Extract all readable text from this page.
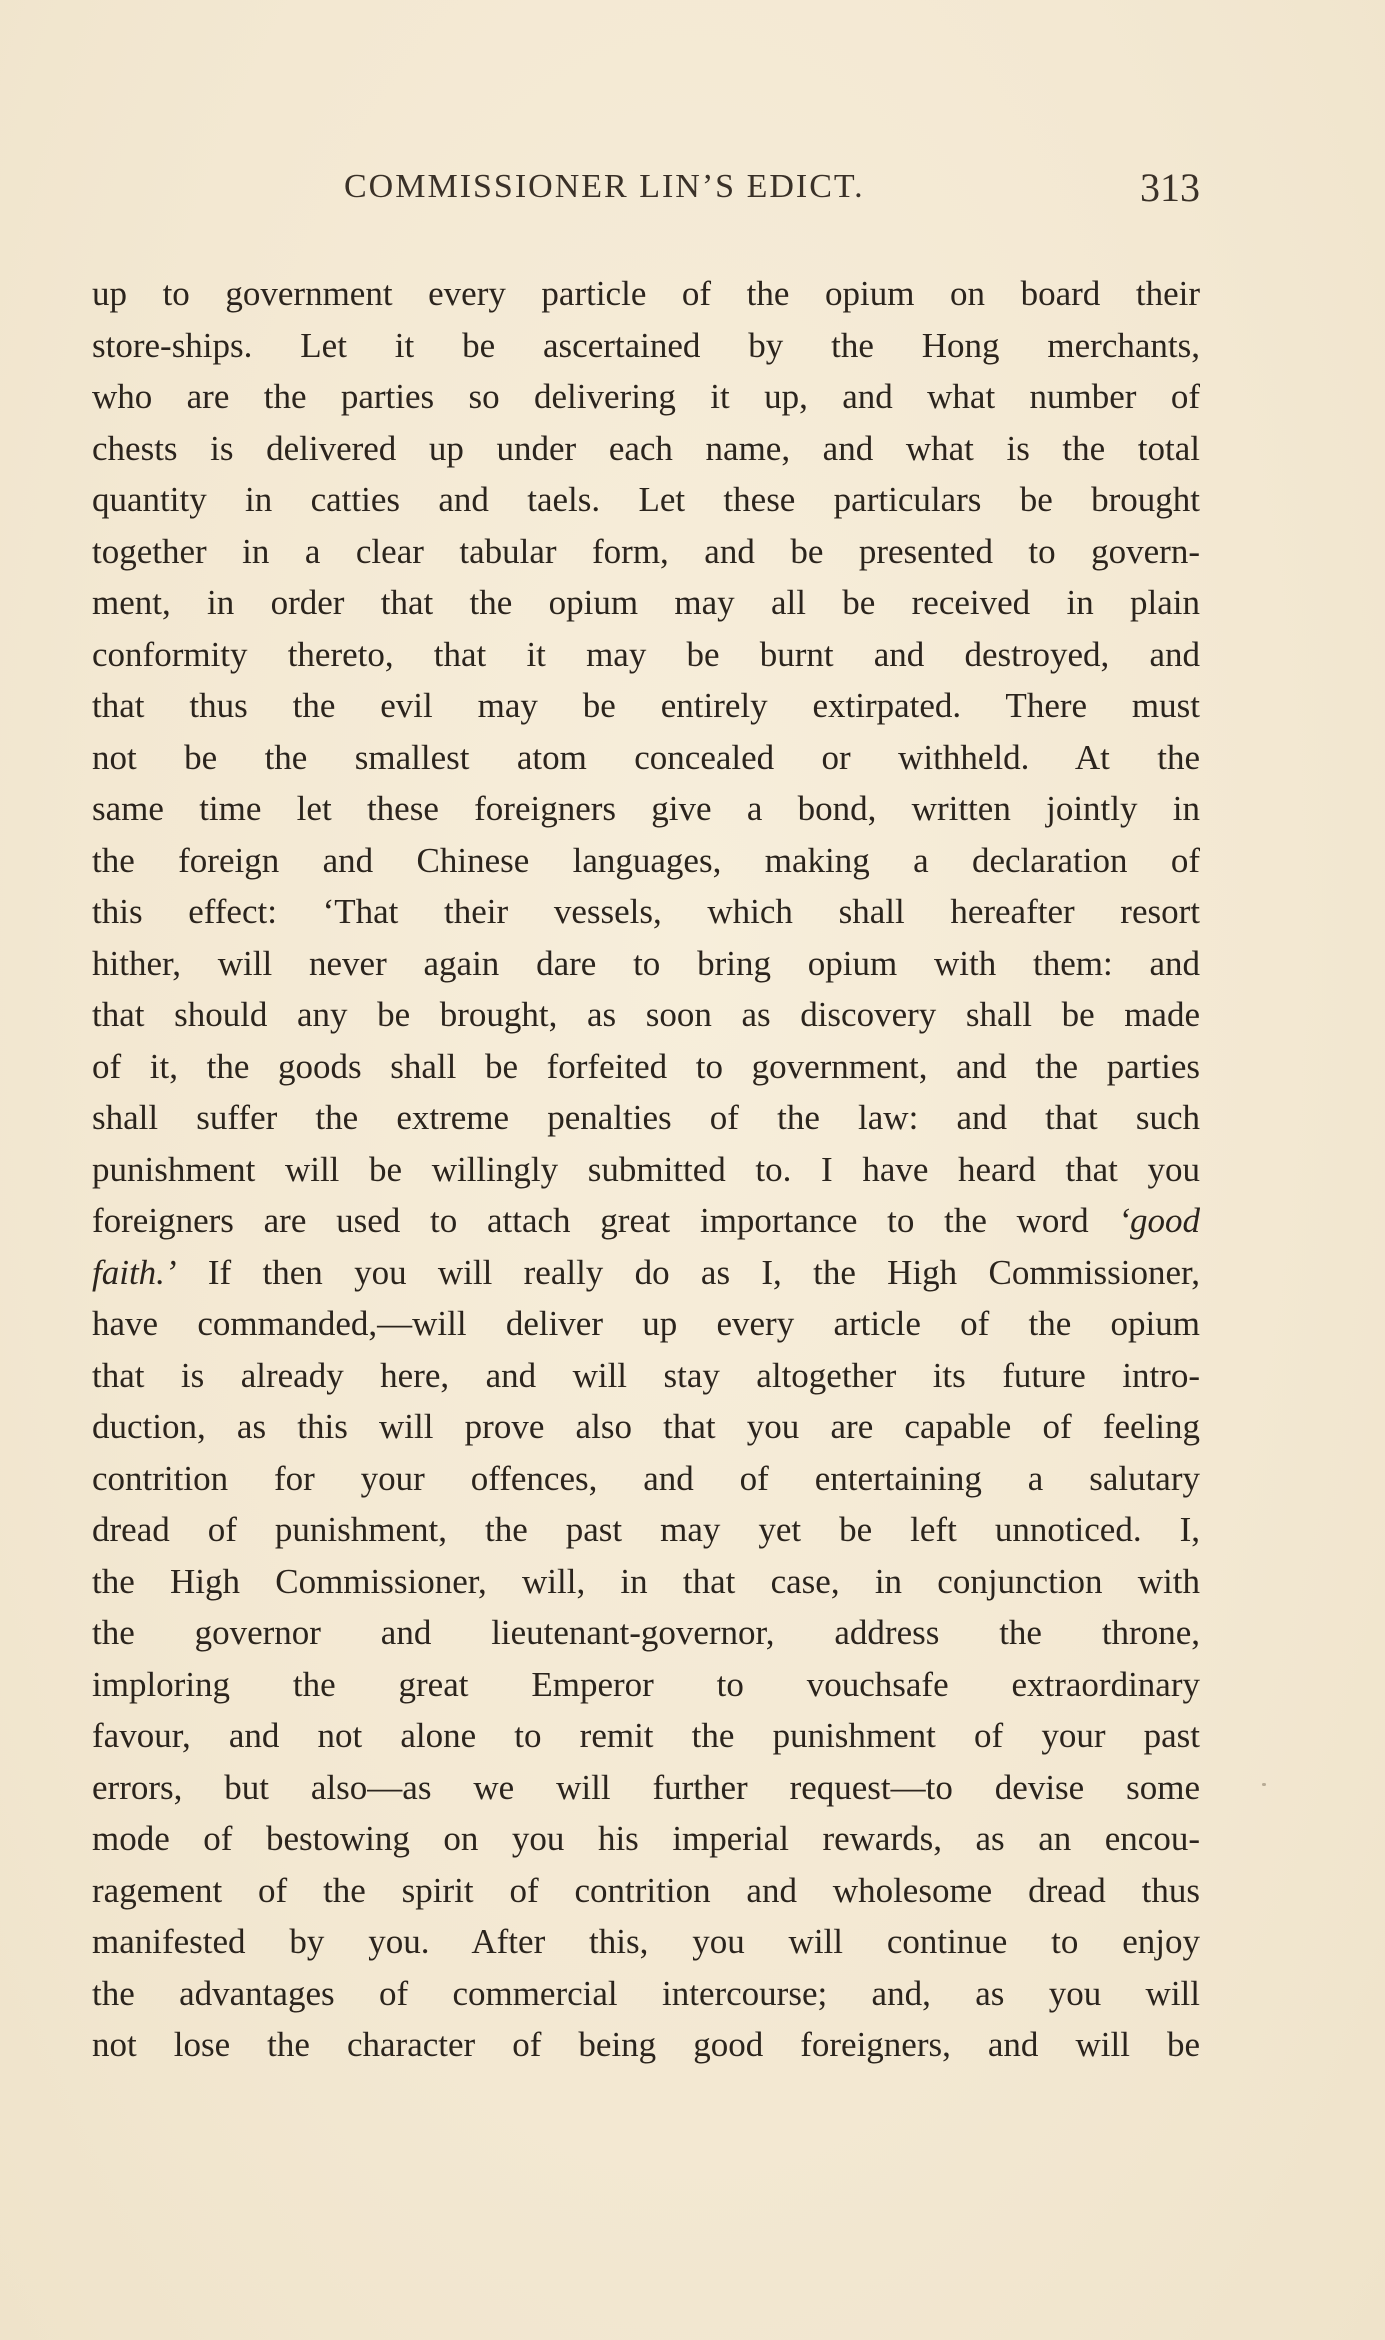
COMMISSIONER LIN’S EDICT.	313
up to government every particle of the opium on board their
store-ships. Let it be ascertained by the Hong merchants,
who are the parties so delivering it up, and what number of
chests is delivered up under each name, and what is the total
quantity in catties and taels. Let these particulars be brought
together in a clear tabular form, and be presented to govern-
ment, in order that the opium may all be received in plain
conformity thereto, that it may be burnt and destroyed, and
that thus the evil may be entirely extirpated. There must
not be the smallest atom concealed or withheld. At the
same time let these foreigners give a bond, written jointly in
the foreign and Chinese languages, making a declaration of
this effect: ‘That their vessels, which shall hereafter resort
hither, will never again dare to bring opium with them: and
that should any be brought, as soon as discovery shall be made
of it, the goods shall be forfeited to government, and the parties
shall suffer the extreme penalties of the law: and that such
punishment will be willingly submitted to. I have heard that you
foreigners are used to attach great importance to the word ‘good
faith.’ If then you will really do as I, the High Commissioner,
have commanded,—will deliver up every article of the opium
that is already here, and will stay altogether its future intro-
duction, as this will prove also that you are capable of feeling
contrition for your offences, and of entertaining a salutary
dread of punishment, the past may yet be left unnoticed. I,
the High Commissioner, will, in that case, in conjunction with
the governor and lieutenant-governor, address the throne,
imploring the great Emperor to vouchsafe extraordinary
favour, and not alone to remit the punishment of your past
errors, but also—as we will further request—to devise some
mode of bestowing on you his imperial rewards, as an encou-
ragement of the spirit of contrition and wholesome dread thus
manifested by you. After this, you will continue to enjoy
the advantages of commercial intercourse; and, as you will
not lose the character of being good foreigners, and will be
